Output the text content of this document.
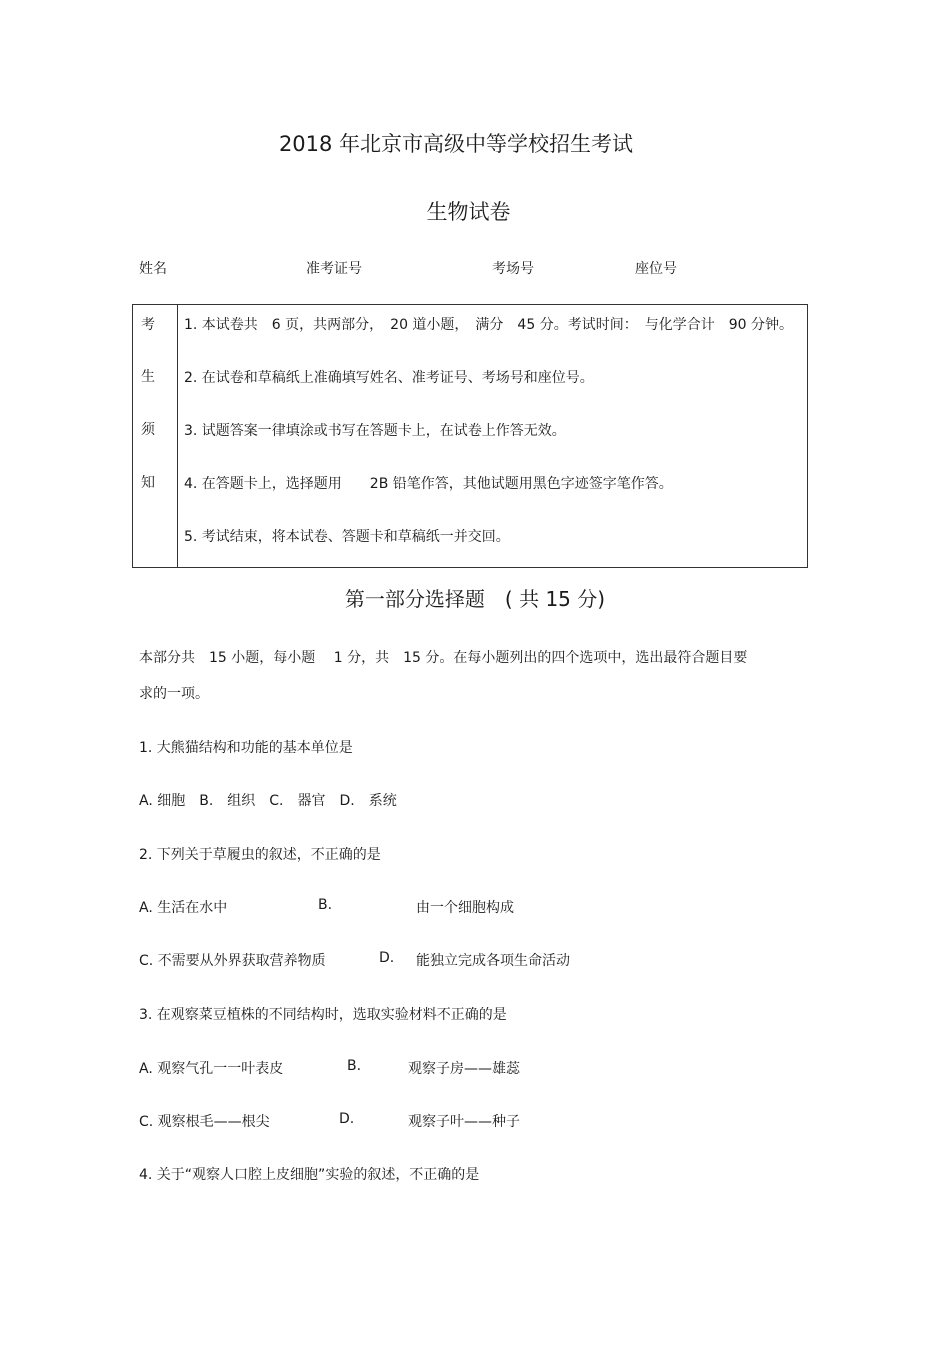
2018 年北京市高级中等学校招生考试
生物试卷
姓名	准考证号	考场号	座位号
考
生
须
知
1. 本试卷共　6 页，共两部分，　20 道小题，　满分　45 分。考试时间：　与化学合计　90 分钟。
2. 在试卷和草稿纸上准确填写姓名、准考证号、考场号和座位号。
3. 试题答案一律填涂或书写在答题卡上，在试卷上作答无效。
4. 在答题卡上，选择题用　　2B 铅笔作答，其他试题用黑色字迹签字笔作答。
5. 考试结束，将本试卷、答题卡和草稿纸一并交回。
第一部分选择题　( 共 15 分)
本部分共　15 小题，每小题　 1 分，共　15 分。在每小题列出的四个选项中，选出最符合题目要
求的一项。
1. 大熊猫结构和功能的基本单位是
A. 细胞　B.　组织　C.　器官　D.　系统
2. 下列关于草履虫的叙述，不正确的是
A. 生活在水中	B.	由一个细胞构成
C. 不需要从外界获取营养物质	D. 能独立完成各项生命活动
3. 在观察菜豆植株的不同结构时，选取实验材料不正确的是
A. 观察气孔一一叶表皮	B.	观察子房——雄蕊
C. 观察根毛——根尖	D.	观察子叶——种子
4. 关于“观察人口腔上皮细胞”实验的叙述，不正确的是
